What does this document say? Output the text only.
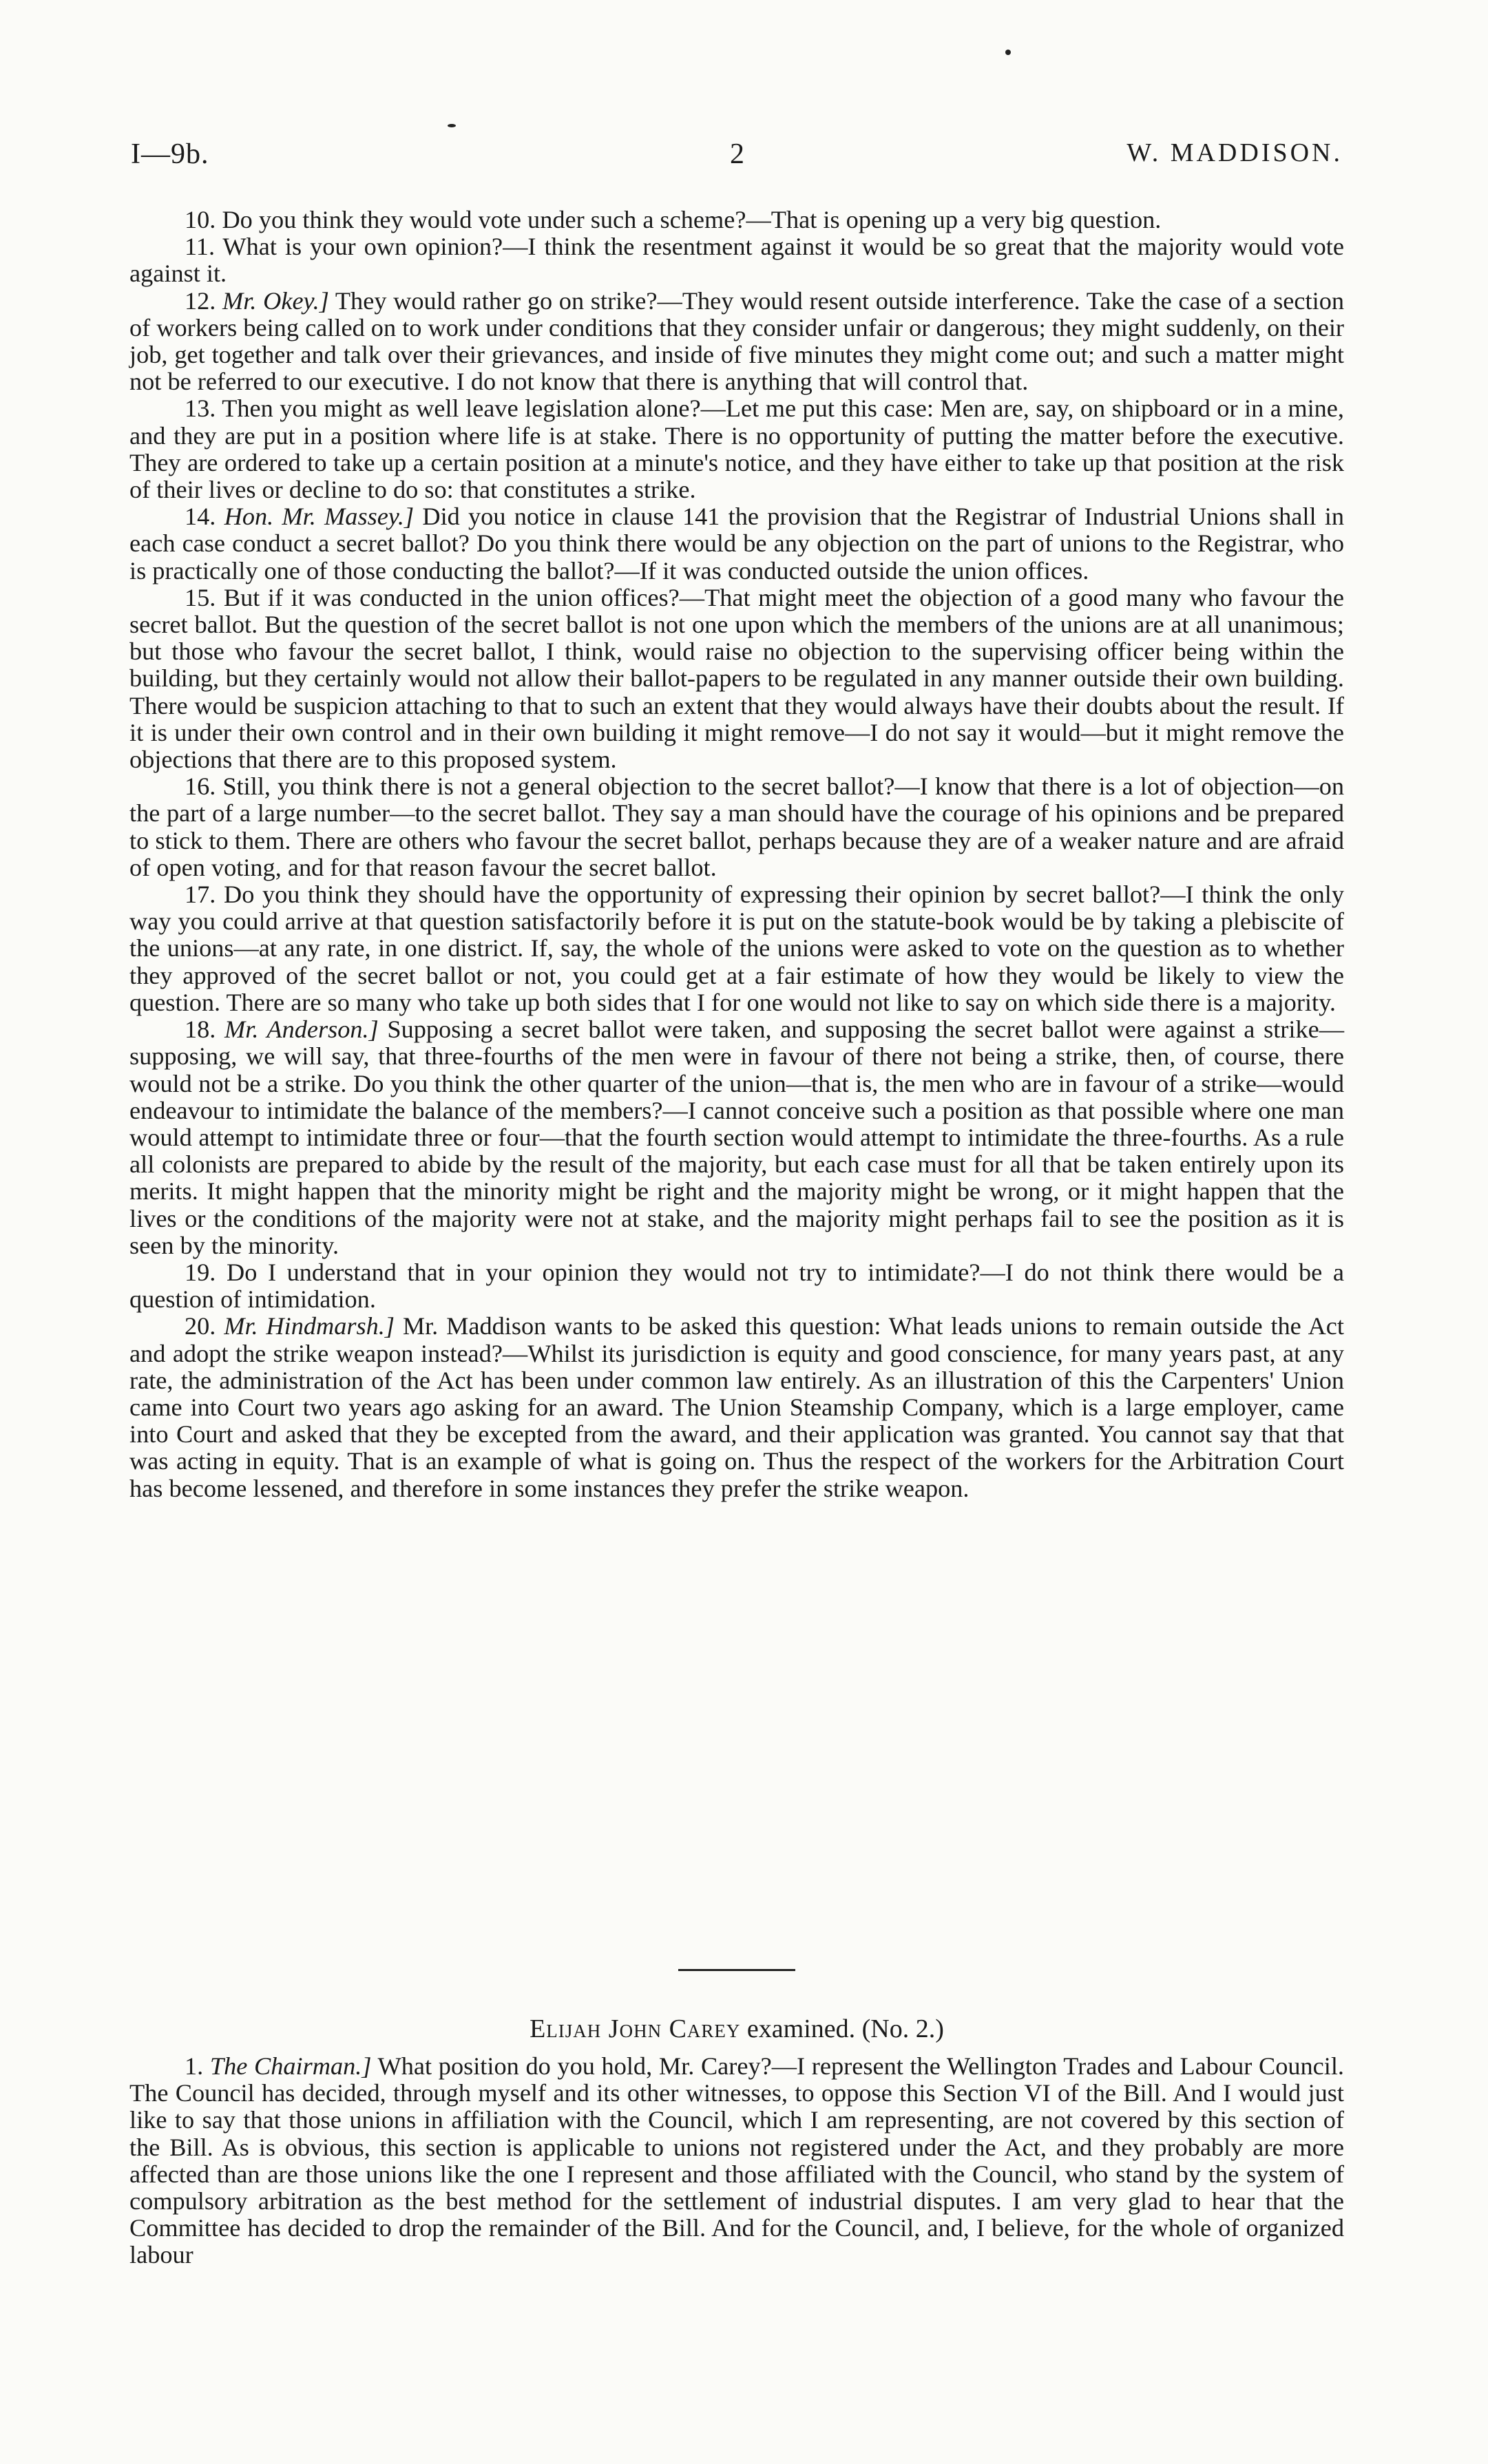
I—9b.	2	W. MADDISON.

10. Do you think they would vote under such a scheme?—That is opening up a very big question.

11. What is your own opinion?—I think the resentment against it would be so great that the majority would vote against it.

12. Mr. Okey.] They would rather go on strike?—They would resent outside interference. Take the case of a section of workers being called on to work under conditions that they consider unfair or dangerous; they might suddenly, on their job, get together and talk over their grievances, and inside of five minutes they might come out; and such a matter might not be referred to our executive. I do not know that there is anything that will control that.

13. Then you might as well leave legislation alone?—Let me put this case: Men are, say, on shipboard or in a mine, and they are put in a position where life is at stake. There is no opportunity of putting the matter before the executive. They are ordered to take up a certain position at a minute's notice, and they have either to take up that position at the risk of their lives or decline to do so: that constitutes a strike.

14. Hon. Mr. Massey.] Did you notice in clause 141 the provision that the Registrar of Industrial Unions shall in each case conduct a secret ballot? Do you think there would be any objection on the part of unions to the Registrar, who is practically one of those conducting the ballot?—If it was conducted outside the union offices.

15. But if it was conducted in the union offices?—That might meet the objection of a good many who favour the secret ballot. But the question of the secret ballot is not one upon which the members of the unions are at all unanimous; but those who favour the secret ballot, I think, would raise no objection to the supervising officer being within the building, but they certainly would not allow their ballot-papers to be regulated in any manner outside their own building. There would be suspicion attaching to that to such an extent that they would always have their doubts about the result. If it is under their own control and in their own building it might remove—I do not say it would—but it might remove the objections that there are to this proposed system.

16. Still, you think there is not a general objection to the secret ballot?—I know that there is a lot of objection—on the part of a large number—to the secret ballot. They say a man should have the courage of his opinions and be prepared to stick to them. There are others who favour the secret ballot, perhaps because they are of a weaker nature and are afraid of open voting, and for that reason favour the secret ballot.

17. Do you think they should have the opportunity of expressing their opinion by secret ballot?—I think the only way you could arrive at that question satisfactorily before it is put on the statute-book would be by taking a plebiscite of the unions—at any rate, in one district. If, say, the whole of the unions were asked to vote on the question as to whether they approved of the secret ballot or not, you could get at a fair estimate of how they would be likely to view the question. There are so many who take up both sides that I for one would not like to say on which side there is a majority.

18. Mr. Anderson.] Supposing a secret ballot were taken, and supposing the secret ballot were against a strike—supposing, we will say, that three-fourths of the men were in favour of there not being a strike, then, of course, there would not be a strike. Do you think the other quarter of the union—that is, the men who are in favour of a strike—would endeavour to intimidate the balance of the members?—I cannot conceive such a position as that possible where one man would attempt to intimidate three or four—that the fourth section would attempt to intimidate the three-fourths. As a rule all colonists are prepared to abide by the result of the majority, but each case must for all that be taken entirely upon its merits. It might happen that the minority might be right and the majority might be wrong, or it might happen that the lives or the conditions of the majority were not at stake, and the majority might perhaps fail to see the position as it is seen by the minority.

19. Do I understand that in your opinion they would not try to intimidate?—I do not think there would be a question of intimidation.

20. Mr. Hindmarsh.] Mr. Maddison wants to be asked this question: What leads unions to remain outside the Act and adopt the strike weapon instead?—Whilst its jurisdiction is equity and good conscience, for many years past, at any rate, the administration of the Act has been under common law entirely. As an illustration of this the Carpenters' Union came into Court two years ago asking for an award. The Union Steamship Company, which is a large employer, came into Court and asked that they be excepted from the award, and their application was granted. You cannot say that that was acting in equity. That is an example of what is going on. Thus the respect of the workers for the Arbitration Court has become lessened, and therefore in some instances they prefer the strike weapon.

Elijah John Carey examined. (No. 2.)

1. The Chairman.] What position do you hold, Mr. Carey?—I represent the Wellington Trades and Labour Council. The Council has decided, through myself and its other witnesses, to oppose this Section VI of the Bill. And I would just like to say that those unions in affiliation with the Council, which I am representing, are not covered by this section of the Bill. As is obvious, this section is applicable to unions not registered under the Act, and they probably are more affected than are those unions like the one I represent and those affiliated with the Council, who stand by the system of compulsory arbitration as the best method for the settlement of industrial disputes. I am very glad to hear that the Committee has decided to drop the remainder of the Bill. And for the Council, and, I believe, for the whole of organized labour
